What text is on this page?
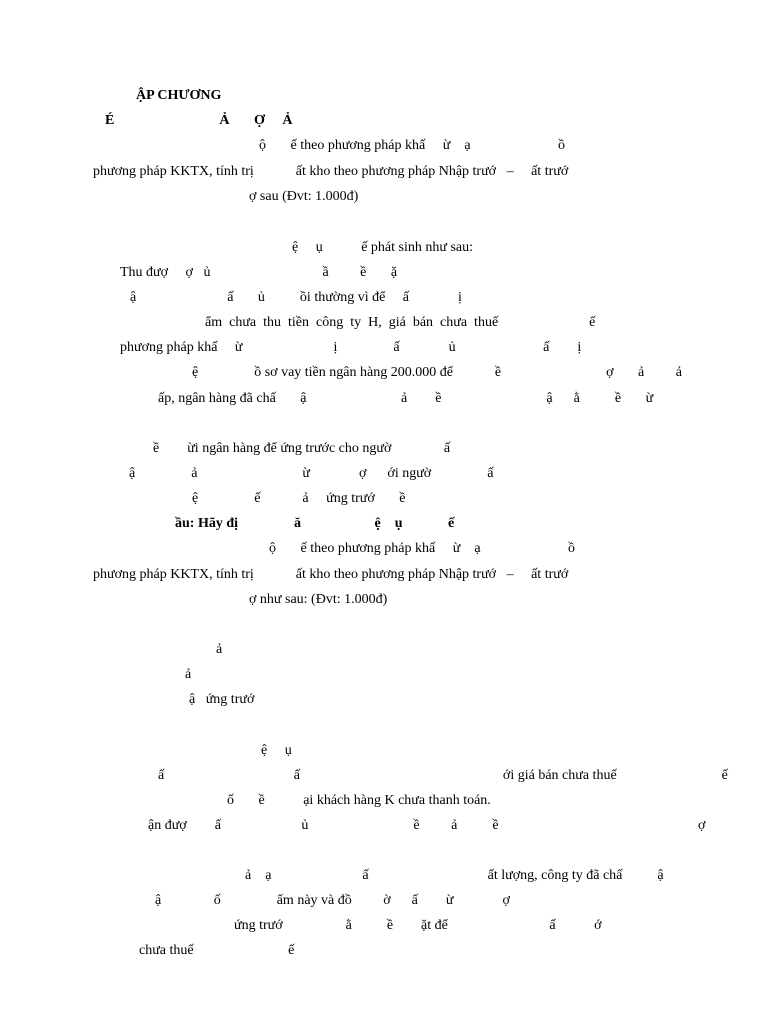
ẬP CHƯƠNG
É                              Ả       Ợ     Ả
ộ       ế theo phương pháp khấ     ừ    ạ                         ồ
phương pháp KKTX, tính trị            ất kho theo phương pháp Nhập trướ   –     ất trướ
ợ sau (Đvt: 1.000đ)
ệ     ụ           ế phát sinh như sau:
Thu đượ     ợ   ủ                                ầ         ề       ặ
ậ                          ấ       ủ          ồi thường vì để     ấ              ị
ẩm  chưa  thu  tiền  công  ty  H,  giá  bán  chưa  thuế                          ế
phương pháp khấ     ừ                          ị                ấ              ủ                         ấ        ị
ệ                ồ sơ vay tiền ngân hàng 200.000 để            ề                              ợ       ả         ả
ấp, ngân hàng đã chấ       ậ                           ả        ề                              ậ      ằ          ề       ừ
ề        ừi ngân hàng để ứng trước cho ngườ               ấ
ậ                ả                              ừ              ợ      ới ngườ                ấ
ệ                ế            ả     ứng trướ       ề
ầu: Hãy đị                ă                     ệ    ụ             ế
ộ       ế theo phương pháp khấ     ừ    ạ                         ồ
phương pháp KKTX, tính trị            ất kho theo phương pháp Nhập trướ   –     ất trướ
ợ như sau: (Đvt: 1.000đ)
ả
ả
ậ   ứng trướ
ệ     ụ
ấ                                     ấ                                                          ới giá bán chưa thuế                              ế
ố       ề           ại khách hàng K chưa thanh toán.
ận đượ        ấ                       ủ                              ề         ả          ề                                                         ợ
ả    ạ                          ấ                                  ất lượng, công ty đã chấ          ậ
ậ               ố                ẩm này và đồ         ờ      ấ        ừ              ợ
ứng trướ                  ằ          ề        ặt để                             ấ           ớ
chưa thuế                           ế
